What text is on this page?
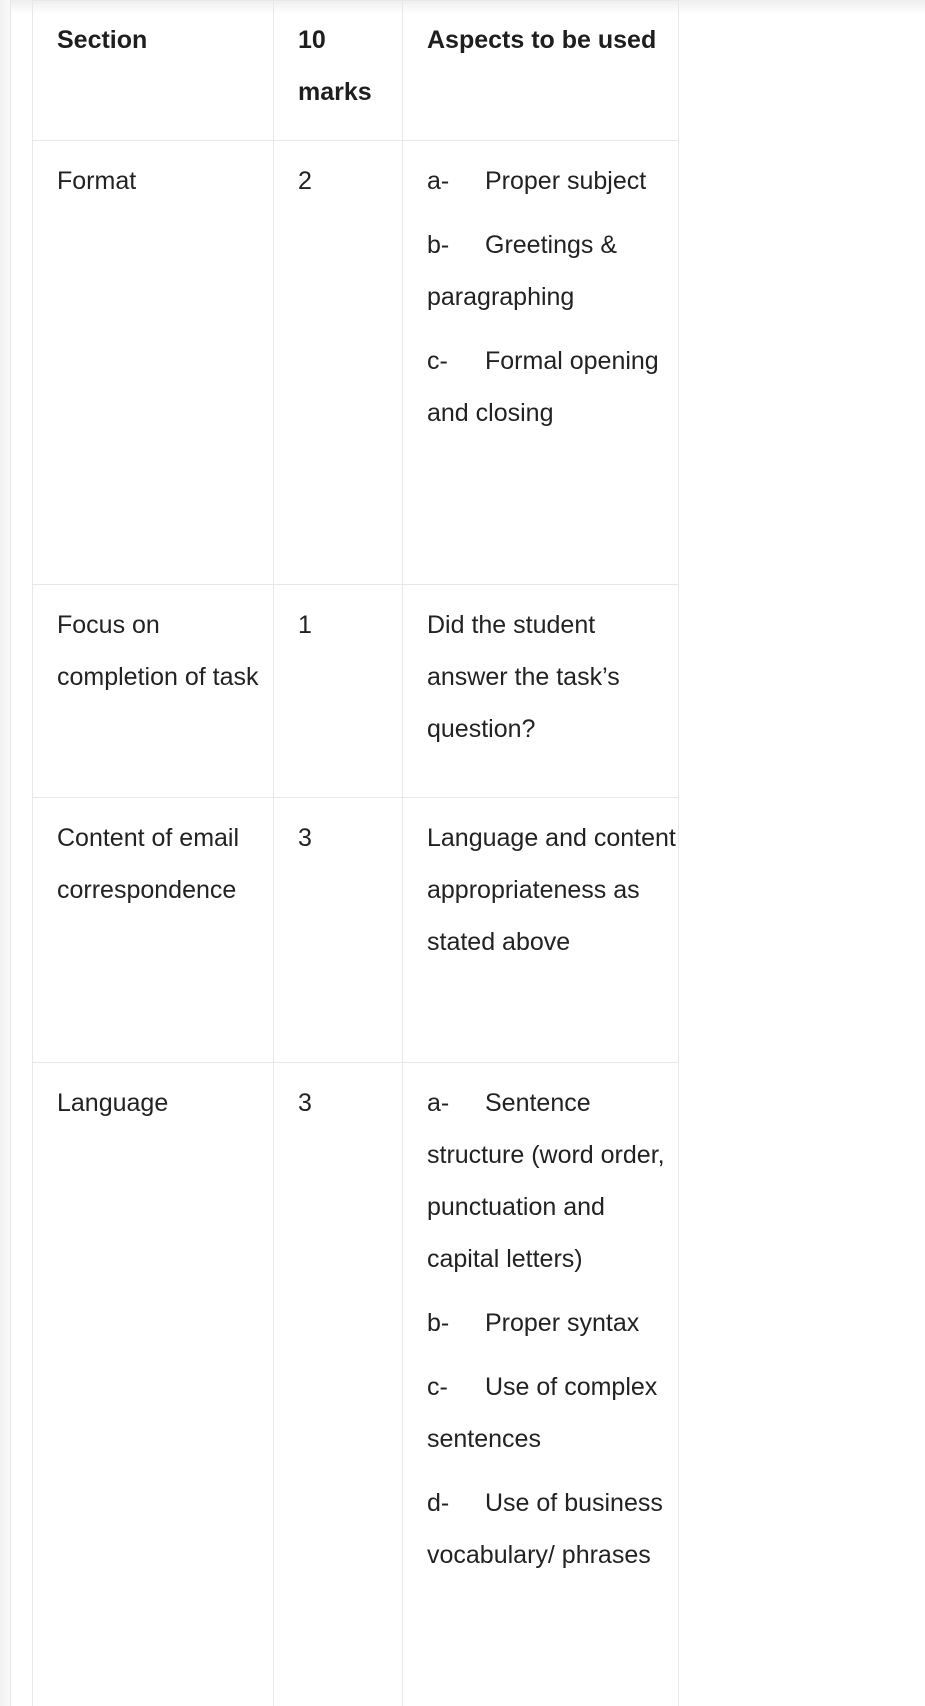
Section	10 marks	Aspects to be used
Format	2	a- Proper subject
b- Greetings & paragraphing
c- Formal opening and closing

Focus on completion of task	1	Did the student answer the task’s question?

Content of email correspondence	3	Language and content appropriateness as stated above

Language	3	a- Sentence structure (word order, punctuation and capital letters)
b- Proper syntax
c- Use of complex sentences
d- Use of business vocabulary/ phrases
